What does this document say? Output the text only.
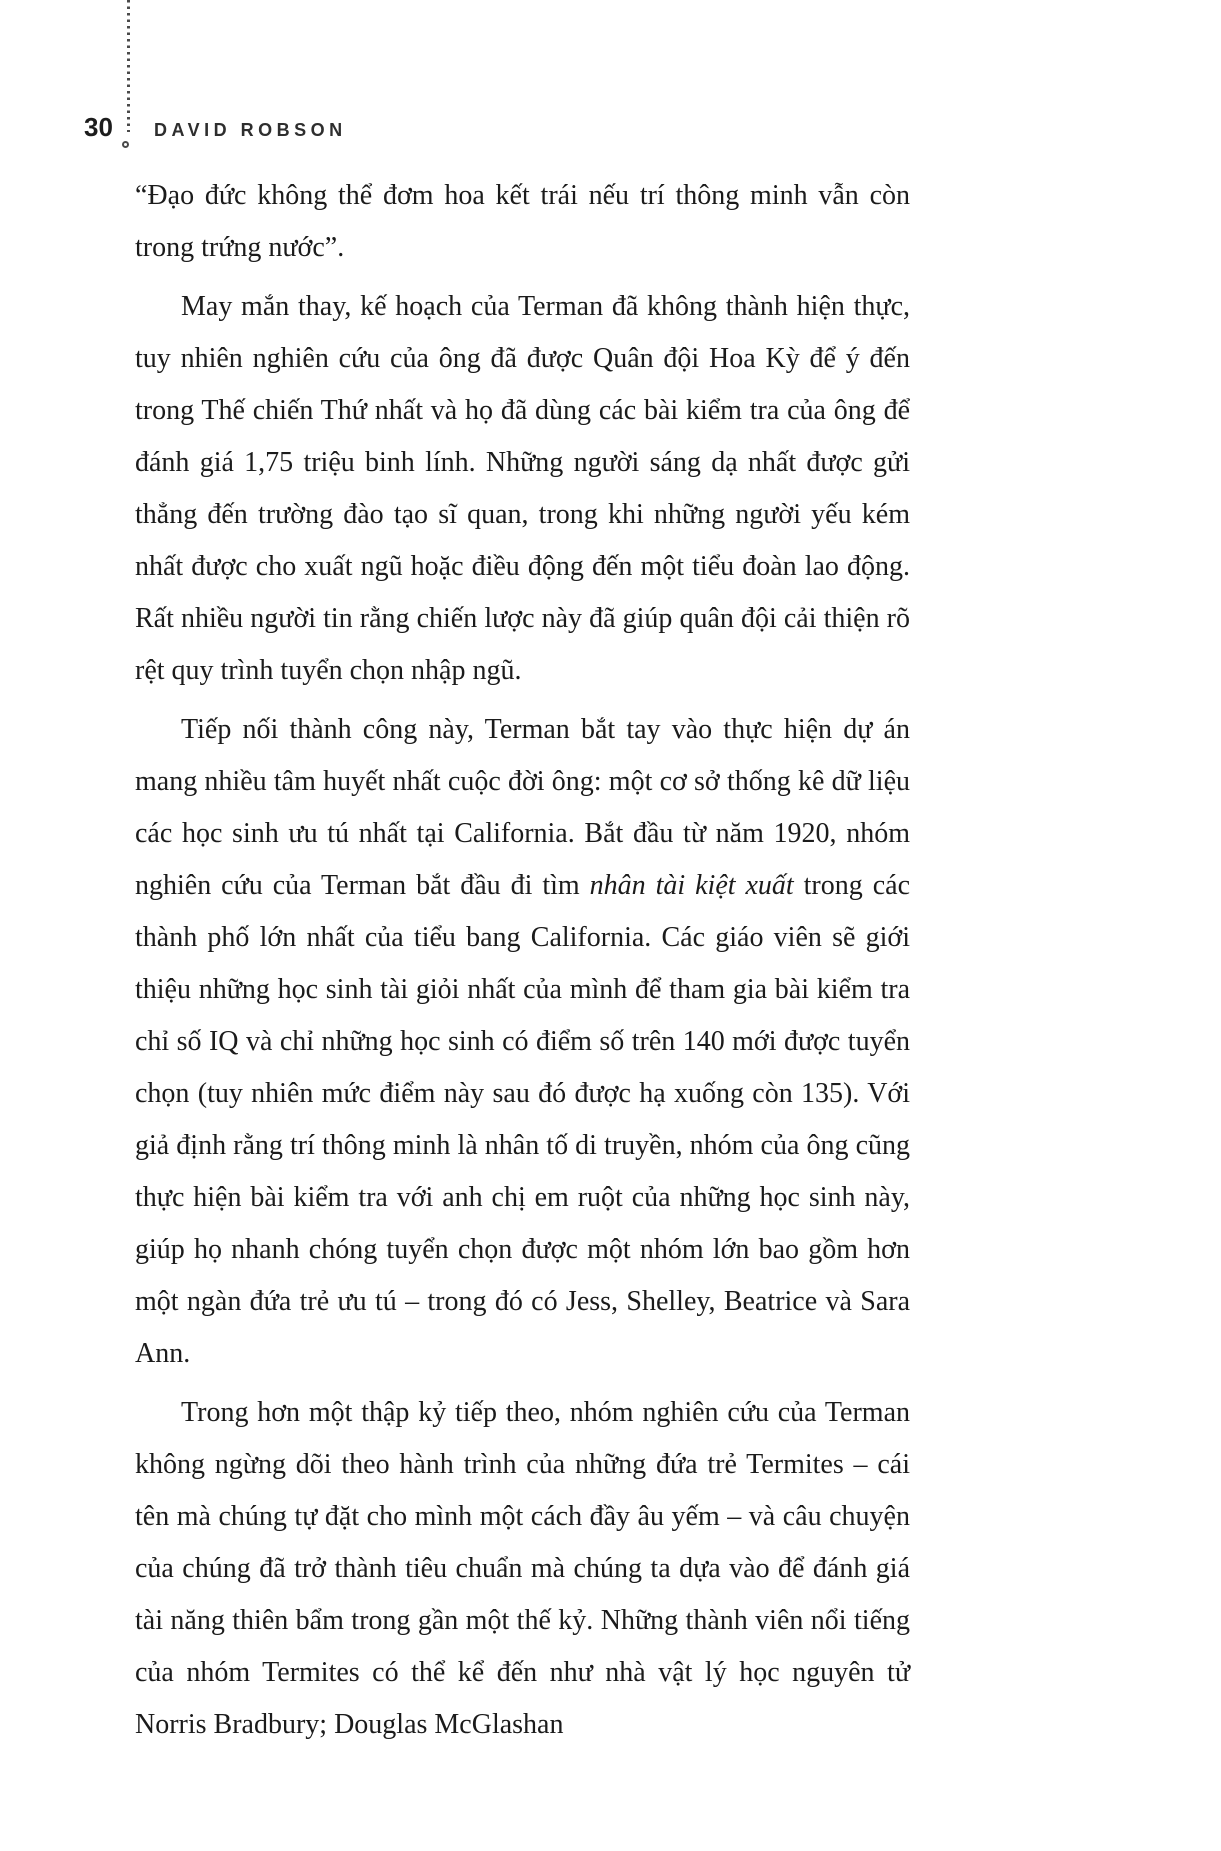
30 DAVID ROBSON

“Đạo đức không thể đơm hoa kết trái nếu trí thông minh vẫn còn trong trứng nước”.

May mắn thay, kế hoạch của Terman đã không thành hiện thực, tuy nhiên nghiên cứu của ông đã được Quân đội Hoa Kỳ để ý đến trong Thế chiến Thứ nhất và họ đã dùng các bài kiểm tra của ông để đánh giá 1,75 triệu binh lính. Những người sáng dạ nhất được gửi thẳng đến trường đào tạo sĩ quan, trong khi những người yếu kém nhất được cho xuất ngũ hoặc điều động đến một tiểu đoàn lao động. Rất nhiều người tin rằng chiến lược này đã giúp quân đội cải thiện rõ rệt quy trình tuyển chọn nhập ngũ.

Tiếp nối thành công này, Terman bắt tay vào thực hiện dự án mang nhiều tâm huyết nhất cuộc đời ông: một cơ sở thống kê dữ liệu các học sinh ưu tú nhất tại California. Bắt đầu từ năm 1920, nhóm nghiên cứu của Terman bắt đầu đi tìm nhân tài kiệt xuất trong các thành phố lớn nhất của tiểu bang California. Các giáo viên sẽ giới thiệu những học sinh tài giỏi nhất của mình để tham gia bài kiểm tra chỉ số IQ và chỉ những học sinh có điểm số trên 140 mới được tuyển chọn (tuy nhiên mức điểm này sau đó được hạ xuống còn 135). Với giả định rằng trí thông minh là nhân tố di truyền, nhóm của ông cũng thực hiện bài kiểm tra với anh chị em ruột của những học sinh này, giúp họ nhanh chóng tuyển chọn được một nhóm lớn bao gồm hơn một ngàn đứa trẻ ưu tú – trong đó có Jess, Shelley, Beatrice và Sara Ann.

Trong hơn một thập kỷ tiếp theo, nhóm nghiên cứu của Terman không ngừng dõi theo hành trình của những đứa trẻ Termites – cái tên mà chúng tự đặt cho mình một cách đầy âu yếm – và câu chuyện của chúng đã trở thành tiêu chuẩn mà chúng ta dựa vào để đánh giá tài năng thiên bẩm trong gần một thế kỷ. Những thành viên nổi tiếng của nhóm Termites có thể kể đến như nhà vật lý học nguyên tử Norris Bradbury; Douglas McGlashan
